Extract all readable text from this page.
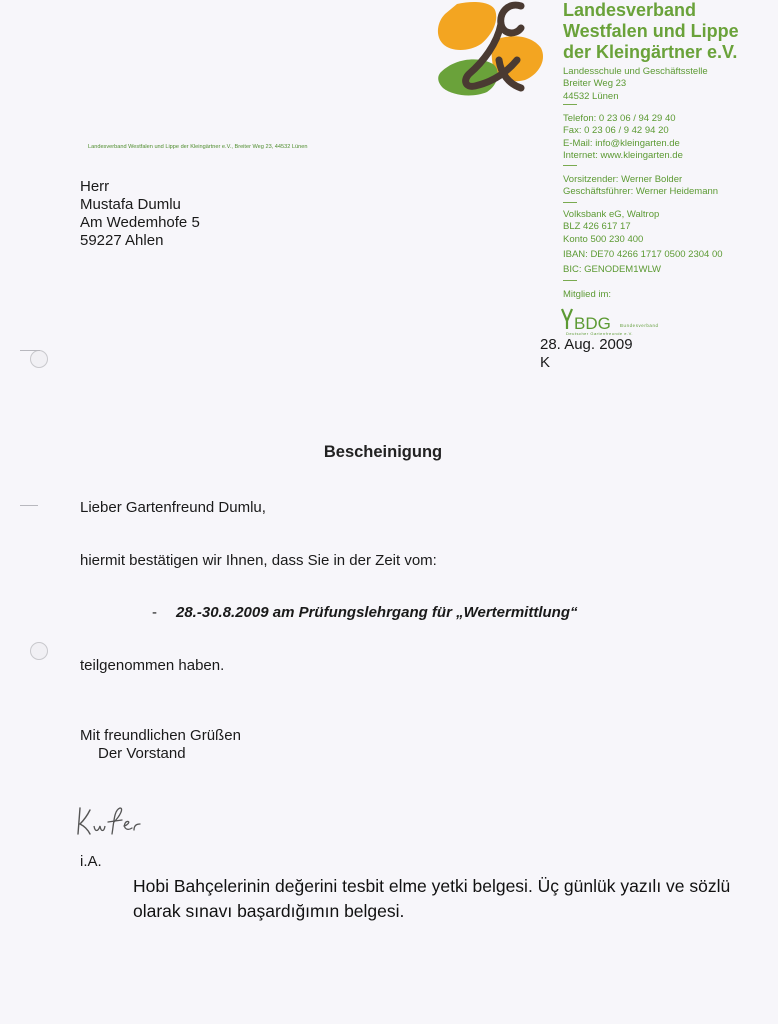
Landesverband
Westfalen und Lippe
der Kleingärtner e.V.
Landesschule und Geschäftsstelle
Breiter Weg 23
44532 Lünen
Telefon: 0 23 06 / 94 29 40
Fax: 0 23 06 / 9 42 94 20
E-Mail: info@kleingarten.de
Internet: www.kleingarten.de
Vorsitzender: Werner Bolder
Geschäftsführer: Werner Heidemann
Volksbank eG, Waltrop
BLZ 426 617 17
Konto 500 230 400
IBAN: DE70 4266 1717 0500 2304 00
BIC: GENODEM1WLW
Mitglied im:
BDG Bundesverband
Deutscher Gartenfreunde e.V.
Landesverband Westfalen und Lippe der Kleingärtner e.V., Breiter Weg 23, 44532 Lünen
Herr
Mustafa Dumlu
Am Wedemhofe 5
59227 Ahlen
28. Aug. 2009
K
Bescheinigung
Lieber Gartenfreund Dumlu,
hiermit bestätigen wir Ihnen, dass Sie in der Zeit vom:
- 28.-30.8.2009 am Prüfungslehrgang für „Wertermittlung“
teilgenommen haben.
Mit freundlichen Grüßen
Der Vorstand
i.A.
Hobi Bahçelerinin değerini tesbit elme yetki belgesi. Üç günlük yazılı ve sözlü olarak sınavı başardığımın belgesi.
